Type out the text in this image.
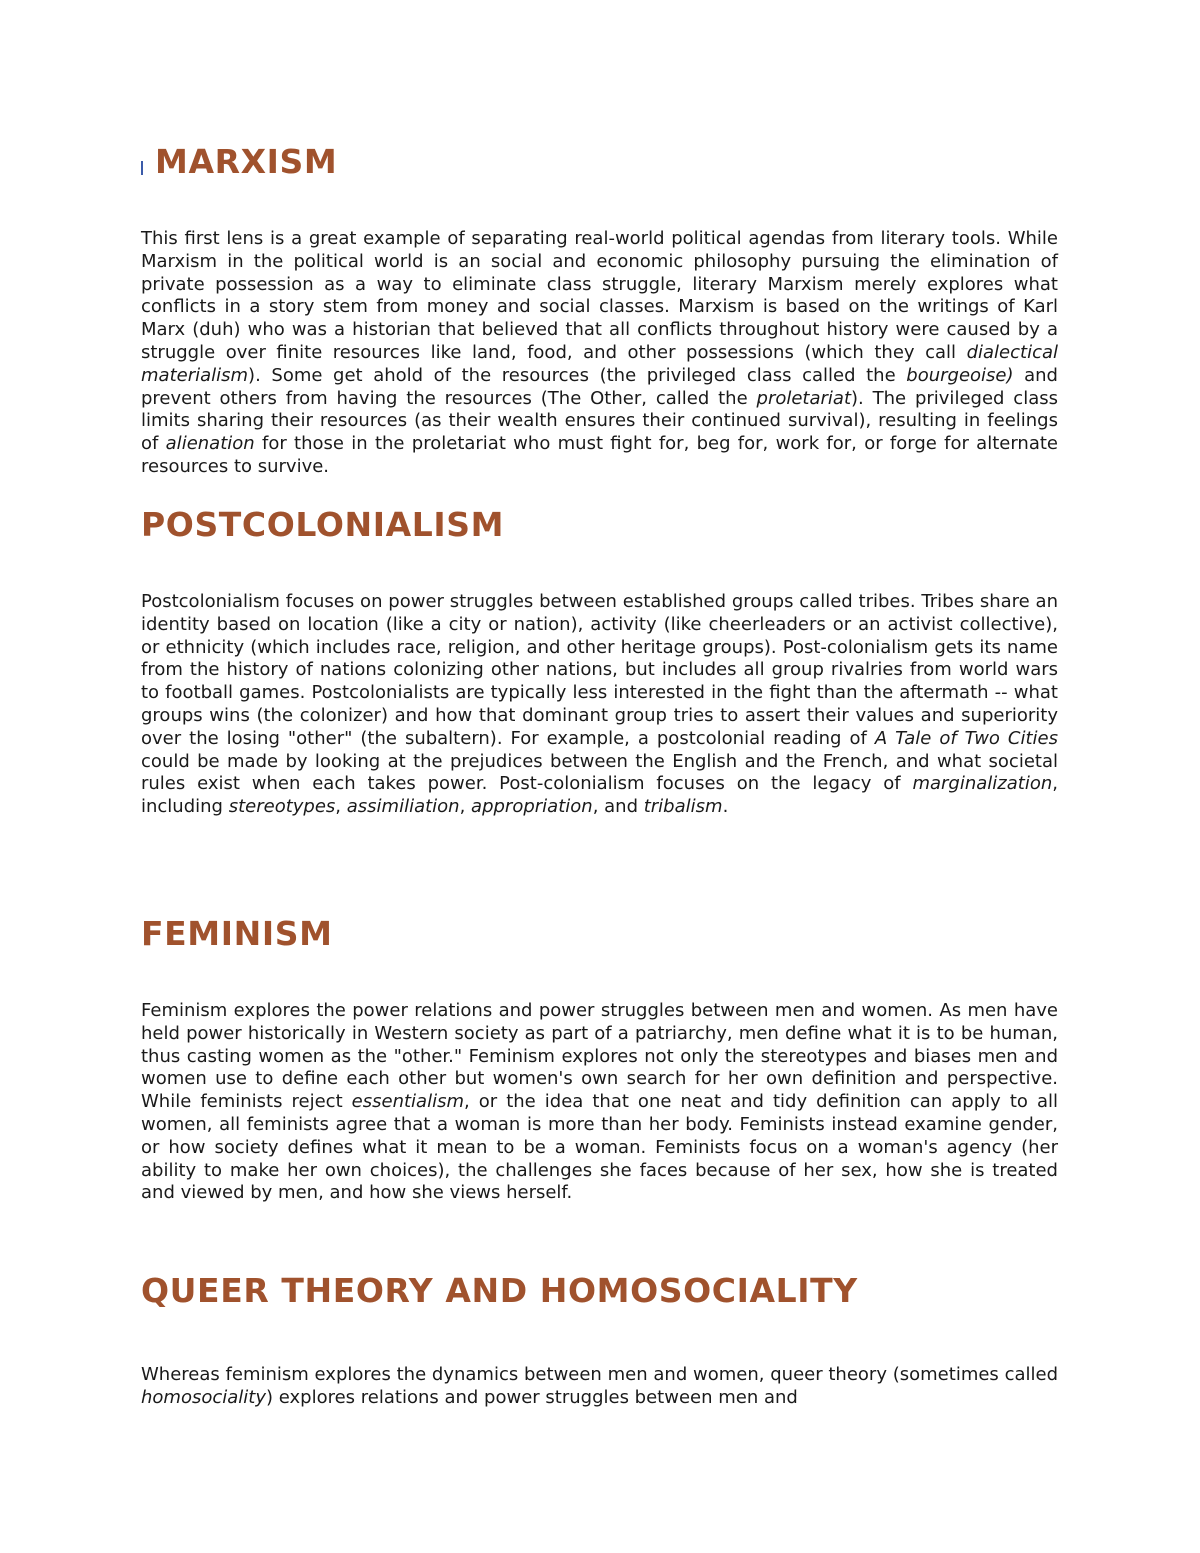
MARXISM

This first lens is a great example of separating real-world political agendas from literary tools. While Marxism in the political world is an social and economic philosophy pursuing the elimination of private possession as a way to eliminate class struggle, literary Marxism merely explores what conflicts in a story stem from money and social classes. Marxism is based on the writings of Karl Marx (duh) who was a historian that believed that all conflicts throughout history were caused by a struggle over finite resources like land, food, and other possessions (which they call dialectical materialism). Some get ahold of the resources (the privileged class called the bourgeoise) and prevent others from having the resources (The Other, called the proletariat). The privileged class limits sharing their resources (as their wealth ensures their continued survival), resulting in feelings of alienation for those in the proletariat who must fight for, beg for, work for, or forge for alternate resources to survive.

POSTCOLONIALISM

Postcolonialism focuses on power struggles between established groups called tribes. Tribes share an identity based on location (like a city or nation), activity (like cheerleaders or an activist collective), or ethnicity (which includes race, religion, and other heritage groups). Post-colonialism gets its name from the history of nations colonizing other nations, but includes all group rivalries from world wars to football games. Postcolonialists are typically less interested in the fight than the aftermath -- what groups wins (the colonizer) and how that dominant group tries to assert their values and superiority over the losing "other" (the subaltern). For example, a postcolonial reading of A Tale of Two Cities could be made by looking at the prejudices between the English and the French, and what societal rules exist when each takes power. Post-colonialism focuses on the legacy of marginalization, including stereotypes, assimiliation, appropriation, and tribalism.

FEMINISM

Feminism explores the power relations and power struggles between men and women. As men have held power historically in Western society as part of a patriarchy, men define what it is to be human, thus casting women as the "other." Feminism explores not only the stereotypes and biases men and women use to define each other but women's own search for her own definition and perspective. While feminists reject essentialism, or the idea that one neat and tidy definition can apply to all women, all feminists agree that a woman is more than her body. Feminists instead examine gender, or how society defines what it mean to be a woman. Feminists focus on a woman's agency (her ability to make her own choices), the challenges she faces because of her sex, how she is treated and viewed by men, and how she views herself.

QUEER THEORY AND HOMOSOCIALITY

Whereas feminism explores the dynamics between men and women, queer theory (sometimes called homosociality) explores relations and power struggles between men and
